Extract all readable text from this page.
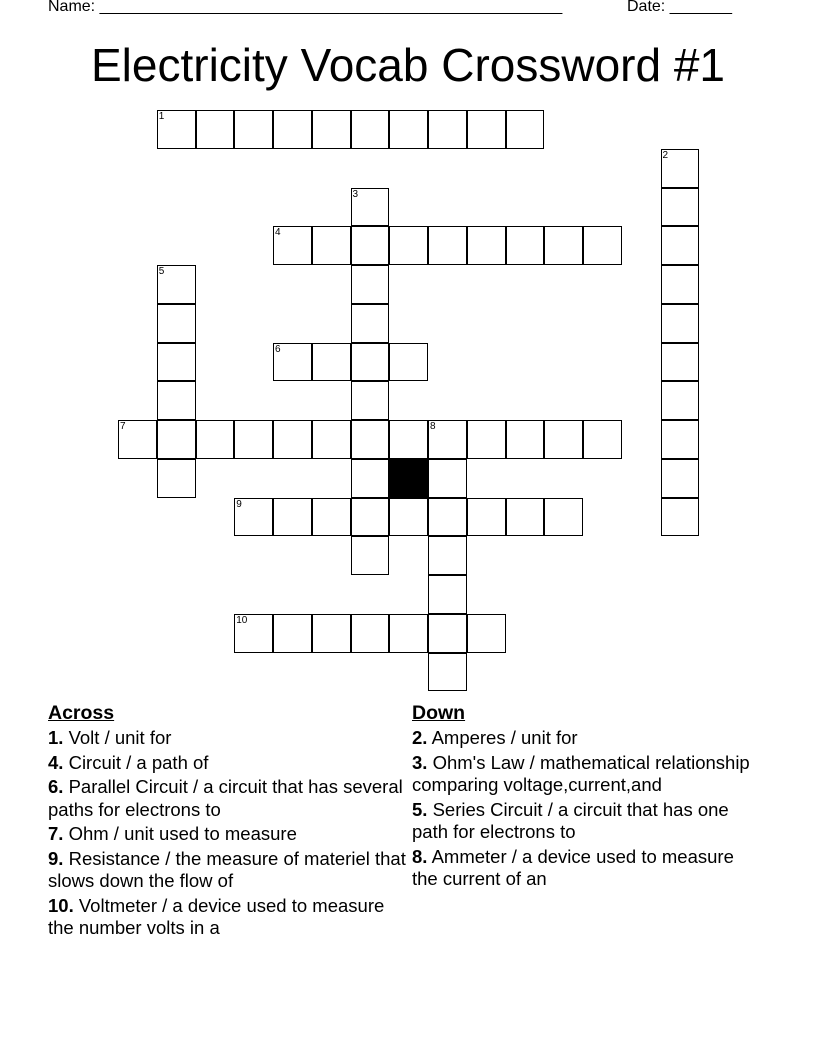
Name: ____________________________________________________	Date: _______
Electricity Vocab Crossword #1
1
2
3
4
5
6
7	8
9
10
Across
1. Volt / unit for
4. Circuit / a path of
6. Parallel Circuit / a circuit that has several paths for electrons to
7. Ohm / unit used to measure
9. Resistance / the measure of materiel that slows down the flow of
10. Voltmeter / a device used to measure the number volts in a
Down
2. Amperes / unit for
3. Ohm's Law / mathematical relationship comparing voltage,current,and
5. Series Circuit / a circuit that has one path for electrons to
8. Ammeter / a device used to measure the current of an
